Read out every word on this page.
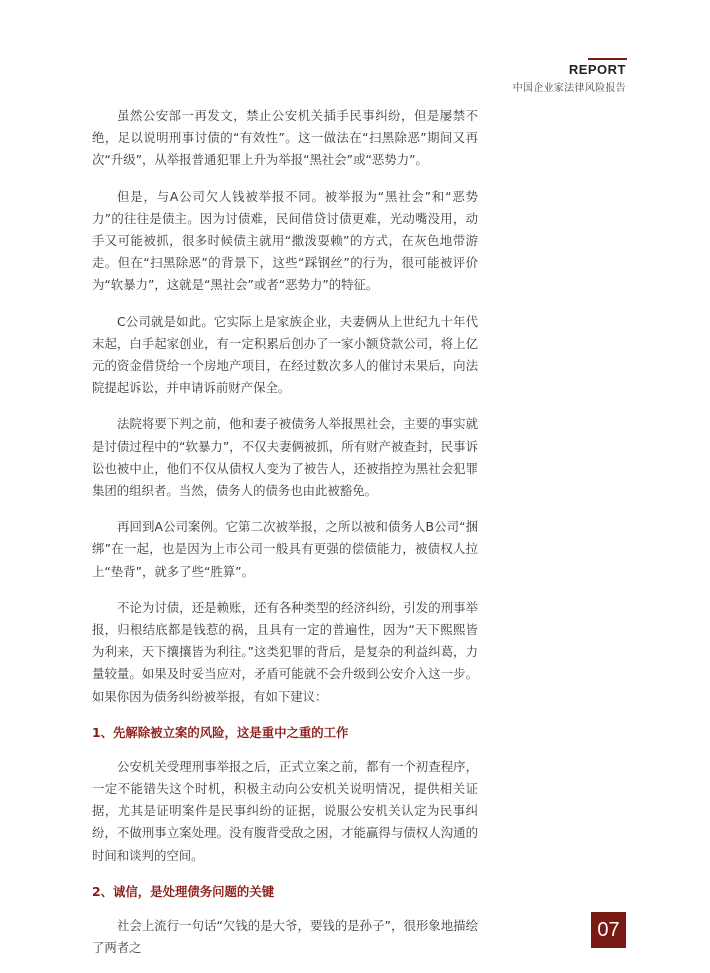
REPORT
中国企业家法律风险报告

虽然公安部一再发文，禁止公安机关插手民事纠纷，但是屡禁不绝，足以说明刑事讨债的“有效性”。这一做法在“扫黑除恶”期间又再次“升级”，从举报普通犯罪上升为举报“黑社会”或“恶势力”。

但是，与A公司欠人钱被举报不同。被举报为“黑社会”和“恶势力”的往往是债主。因为讨债难，民间借贷讨债更难，光动嘴没用，动手又可能被抓，很多时候债主就用“撒泼耍赖”的方式，在灰色地带游走。但在“扫黑除恶”的背景下，这些“踩钢丝”的行为，很可能被评价为“软暴力”，这就是“黑社会”或者“恶势力”的特征。

C公司就是如此。它实际上是家族企业，夫妻俩从上世纪九十年代末起，白手起家创业，有一定积累后创办了一家小额贷款公司，将上亿元的资金借贷给一个房地产项目，在经过数次多人的催讨未果后，向法院提起诉讼，并申请诉前财产保全。

法院将要下判之前，他和妻子被债务人举报黑社会，主要的事实就是讨债过程中的“软暴力”，不仅夫妻俩被抓，所有财产被查封，民事诉讼也被中止，他们不仅从债权人变为了被告人，还被指控为黑社会犯罪集团的组织者。当然，债务人的债务也由此被豁免。

再回到A公司案例。它第二次被举报，之所以被和债务人B公司“捆绑”在一起，也是因为上市公司一般具有更强的偿债能力，被债权人拉上“垫背”，就多了些“胜算”。

不论为讨债，还是赖账，还有各种类型的经济纠纷，引发的刑事举报，归根结底都是钱惹的祸，且具有一定的普遍性，因为“天下熙熙皆为利来，天下攘攘皆为利往。”这类犯罪的背后，是复杂的利益纠葛，力量较量。如果及时妥当应对，矛盾可能就不会升级到公安介入这一步。如果你因为债务纠纷被举报，有如下建议：

1、先解除被立案的风险，这是重中之重的工作

公安机关受理刑事举报之后，正式立案之前，都有一个初查程序，一定不能错失这个时机，积极主动向公安机关说明情况，提供相关证据，尤其是证明案件是民事纠纷的证据，说服公安机关认定为民事纠纷，不做刑事立案处理。没有腹背受敌之困，才能赢得与债权人沟通的时间和谈判的空间。

2、诚信，是处理债务问题的关键

社会上流行一句话“欠钱的是大爷，要钱的是孙子”，很形象地描绘了两者之

07
